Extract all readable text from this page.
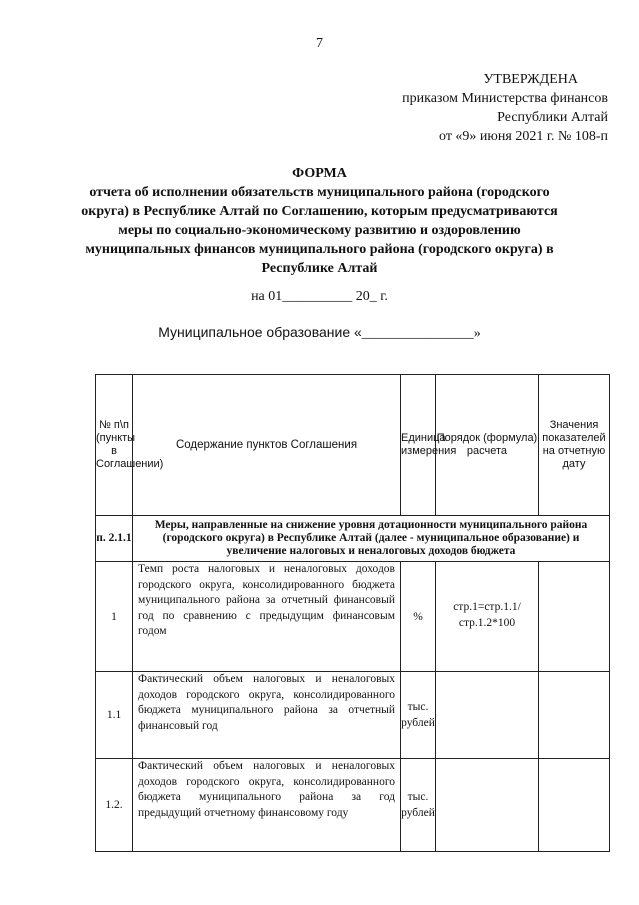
7
УТВЕРЖДЕНА
приказом Министерства финансов
Республики Алтай
от «9» июня 2021 г. № 108-п
ФОРМА
отчета об исполнении обязательств муниципального района (городского округа) в Республике Алтай по Соглашению, которым предусматриваются меры по социально-экономическому развитию и оздоровлению муниципальных финансов муниципального района (городского округа) в Республике Алтай
на 01__________ 20_ г.
Муниципальное образование «________________»
№ п\п (пункты в Соглашении)	Содержание пунктов Соглашения	Единица измерения	Порядок (формула) расчета	Значения показателей на отчетную дату
п. 2.1.1	Меры, направленные на снижение уровня дотационности муниципального района (городского округа) в Республике Алтай (далее - муниципальное образование) и увеличение налоговых и неналоговых доходов бюджета			
1	Темп роста налоговых и неналоговых доходов городского округа, консолидированного бюджета муниципального района за отчетный финансовый год по сравнению с предыдущим финансовым годом	%	стр.1=стр.1.1/стр.1.2*100	
1.1	Фактический объем налоговых и неналоговых доходов городского округа, консолидированного бюджета муниципального района за отчетный финансовый год	тыс. рублей		
1.2.	Фактический объем налоговых и неналоговых доходов городского округа, консолидированного бюджета муниципального района за год предыдущий отчетному финансовому году	тыс. рублей		
